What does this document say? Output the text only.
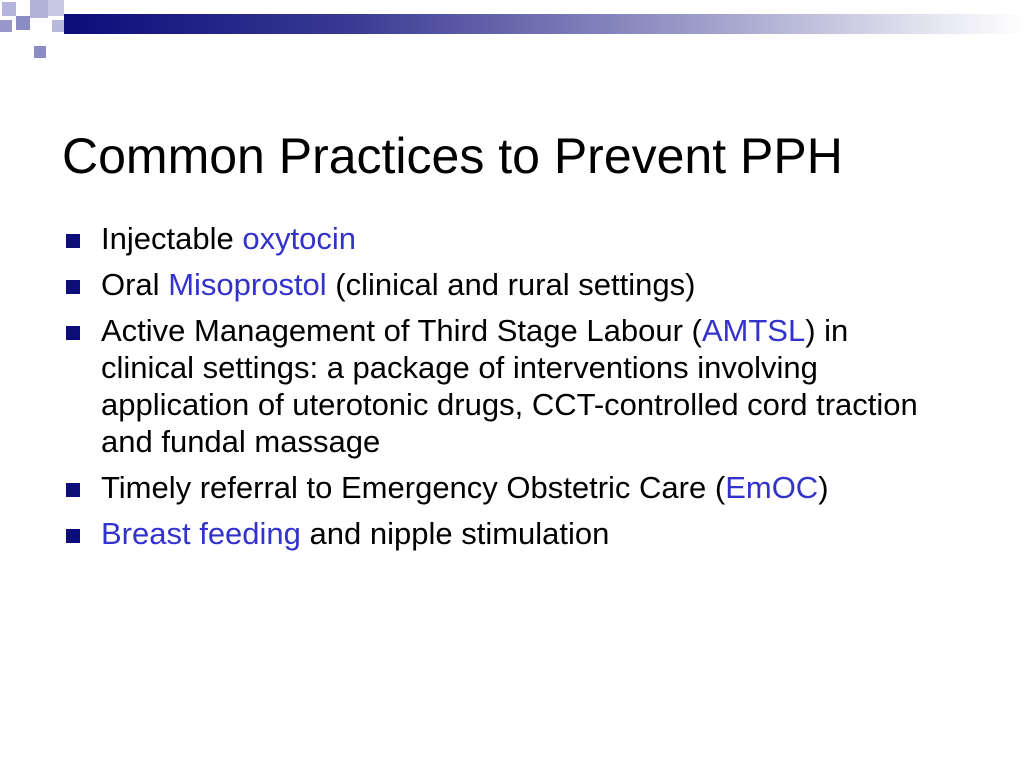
Common Practices to Prevent PPH
Injectable oxytocin
Oral Misoprostol (clinical and rural settings)
Active Management of Third Stage Labour (AMTSL) in clinical settings: a package of interventions involving application of uterotonic drugs, CCT-controlled cord traction and fundal massage
Timely referral to Emergency Obstetric Care (EmOC)
Breast feeding and nipple stimulation
